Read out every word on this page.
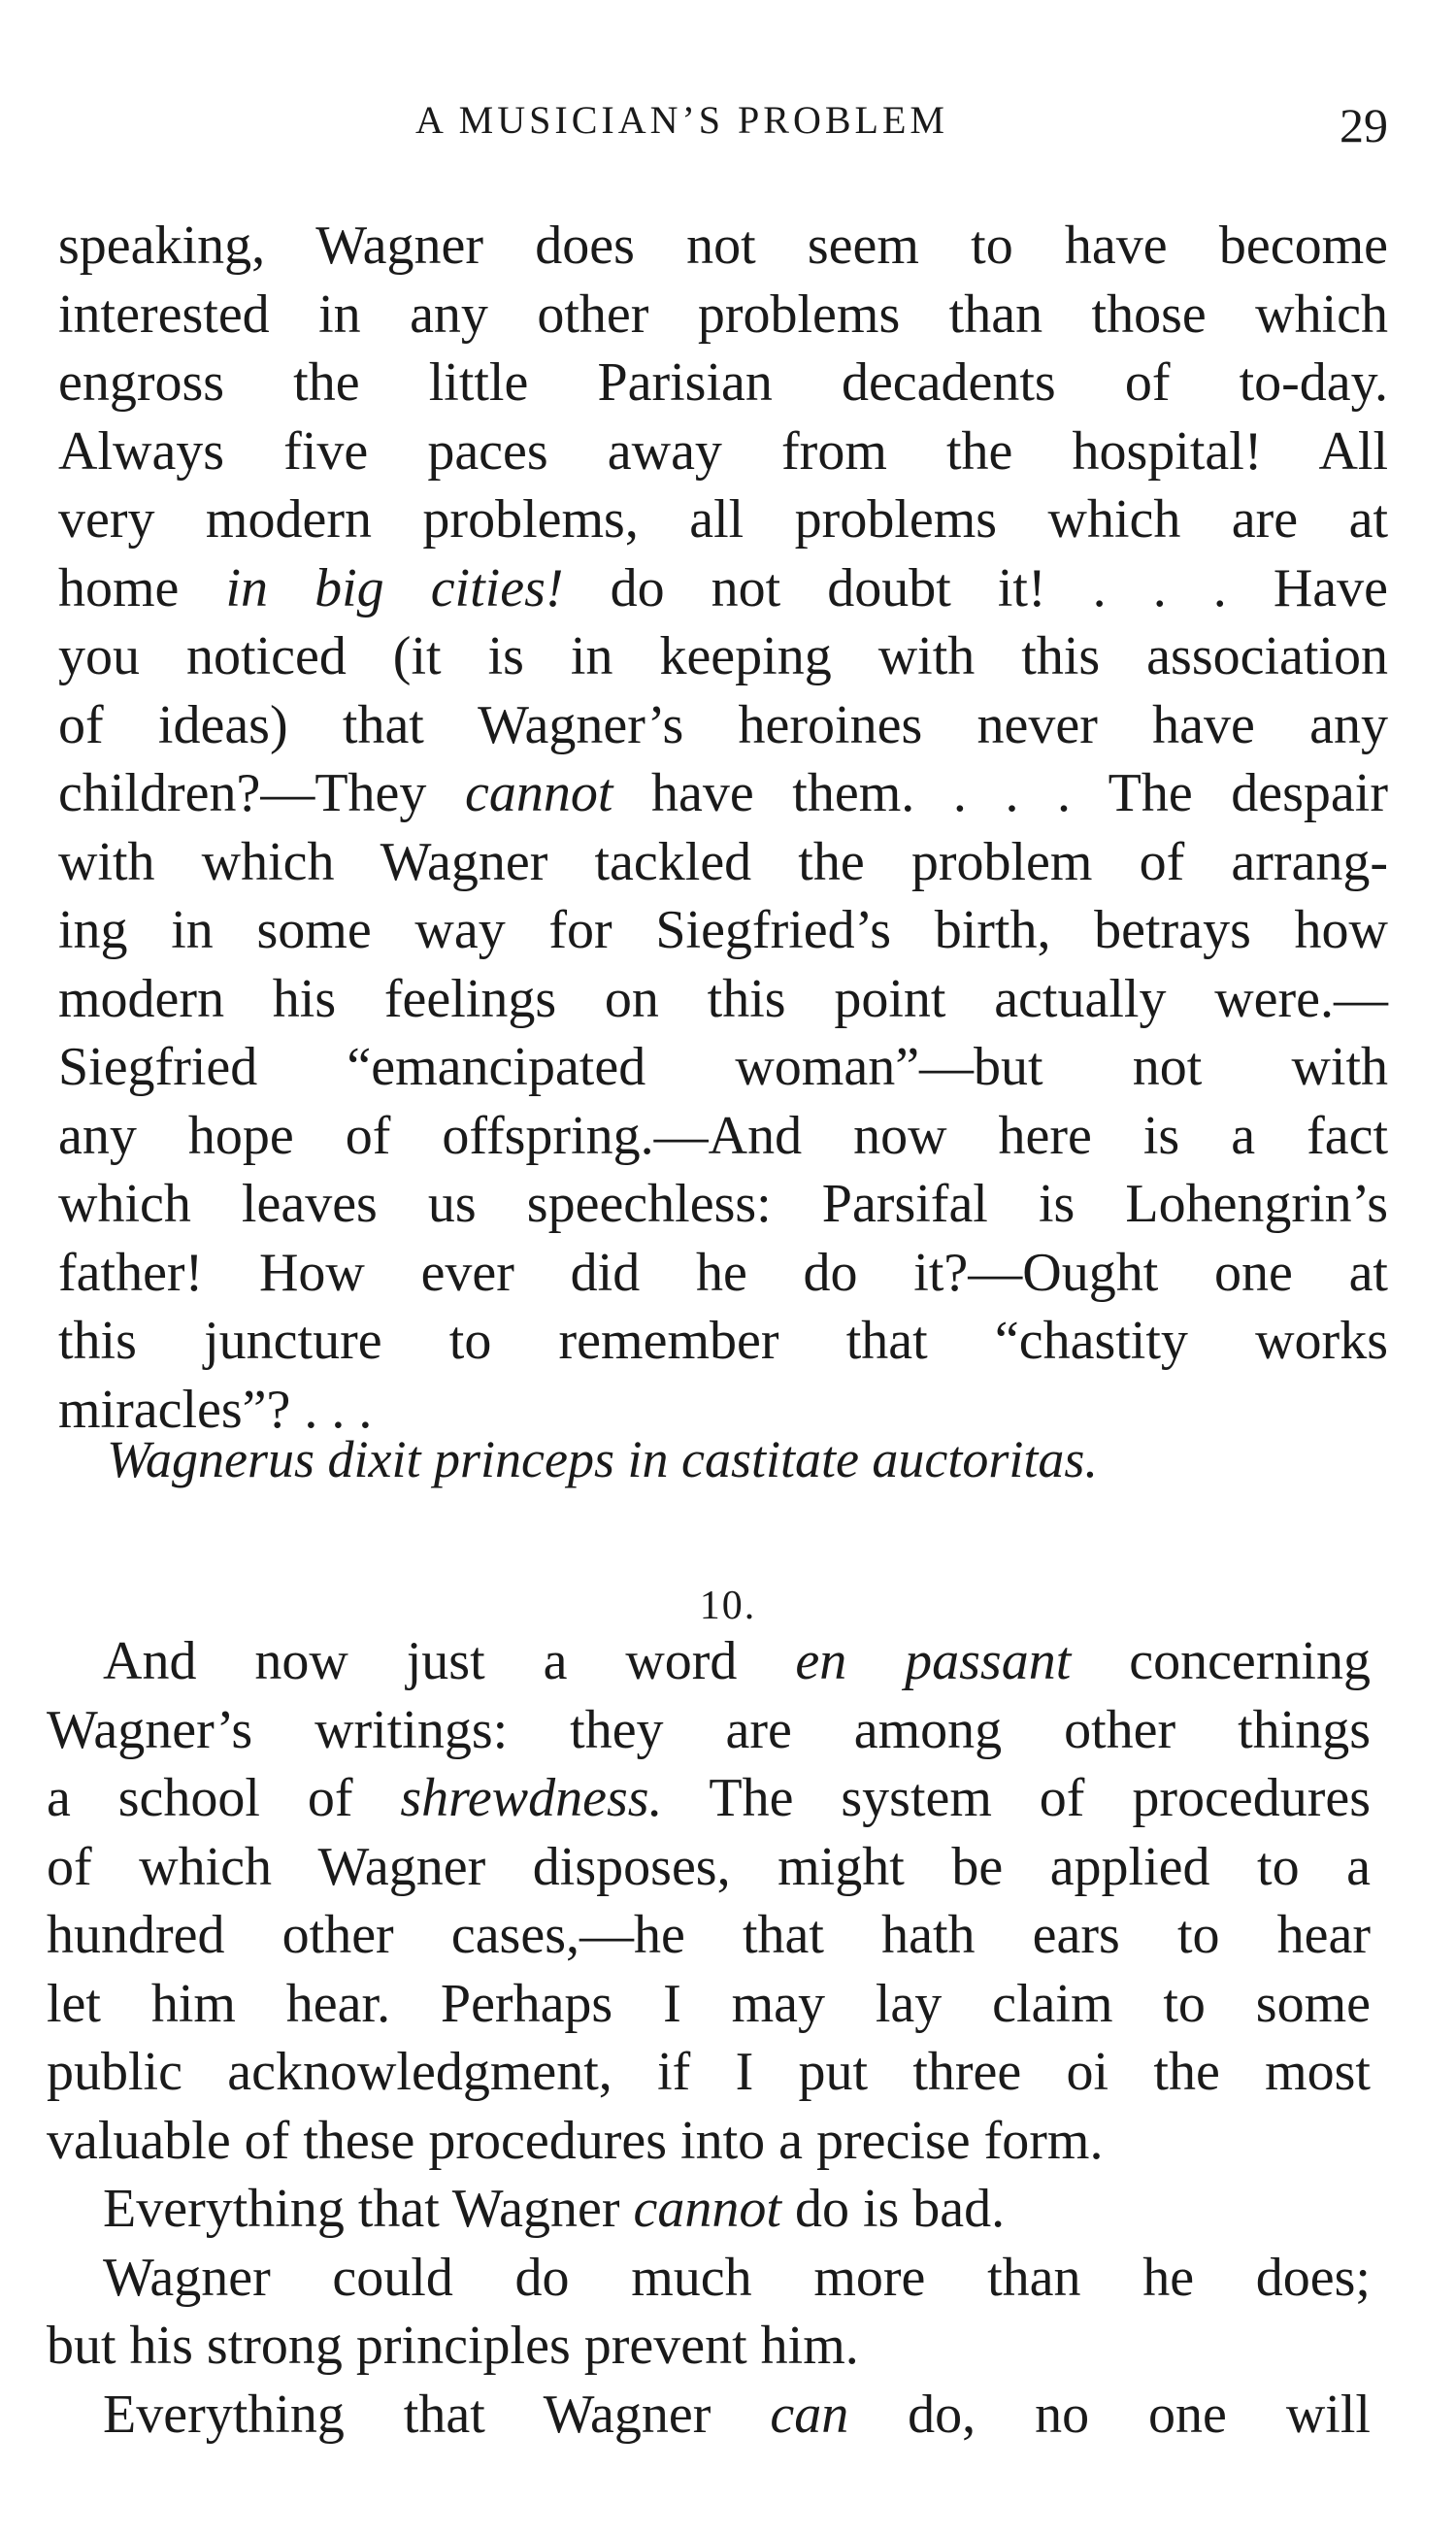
A MUSICIAN’S PROBLEM	29
speaking, Wagner does not seem to have become
interested in any other problems than those which
engross the little Parisian decadents of to-day.
Always five paces away from the hospital! All
very modern problems, all problems which are at
home in big cities! do not doubt it! . . . Have
you noticed (it is in keeping with this association
of ideas) that Wagner’s heroines never have any
children?—They cannot have them. . . . The despair
with which Wagner tackled the problem of arrang-
ing in some way for Siegfried’s birth, betrays how
modern his feelings on this point actually were.—
Siegfried “emancipated woman”—but not with
any hope of offspring.—And now here is a fact
which leaves us speechless: Parsifal is Lohengrin’s
father! How ever did he do it?—Ought one at
this juncture to remember that “chastity works
miracles”? . . .
Wagnerus dixit princeps in castitate auctoritas.
10.
And now just a word en passant concerning
Wagner’s writings: they are among other things
a school of shrewdness. The system of procedures
of which Wagner disposes, might be applied to a
hundred other cases,—he that hath ears to hear
let him hear. Perhaps I may lay claim to some
public acknowledgment, if I put three oi the most
valuable of these procedures into a precise form.
Everything that Wagner cannot do is bad.
Wagner could do much more than he does;
but his strong principles prevent him.
Everything that Wagner can do, no one will
